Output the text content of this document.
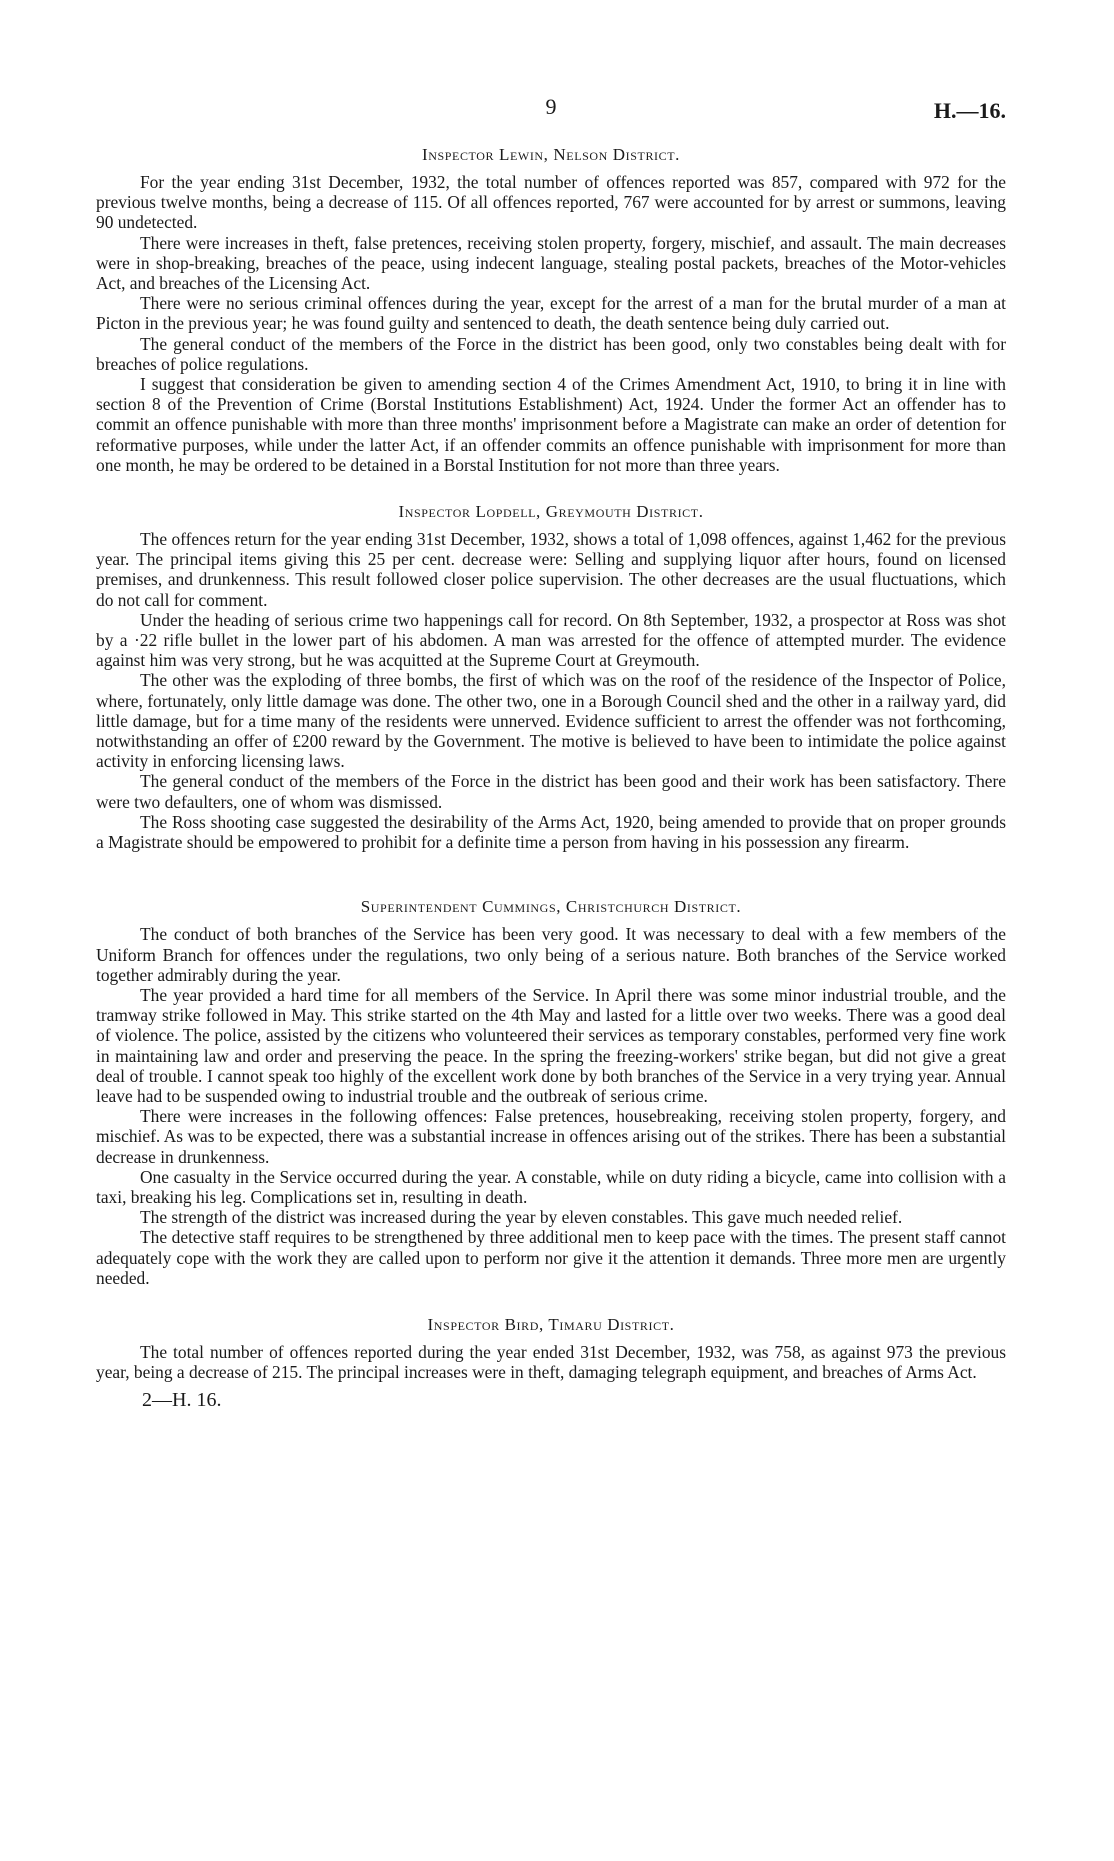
9	H.—16.
Inspector Lewin, Nelson District.

For the year ending 31st December, 1932, the total number of offences reported was 857, compared with 972 for the previous twelve months, being a decrease of 115. Of all offences reported, 767 were accounted for by arrest or summons, leaving 90 undetected.

There were increases in theft, false pretences, receiving stolen property, forgery, mischief, and assault. The main decreases were in shop-breaking, breaches of the peace, using indecent language, stealing postal packets, breaches of the Motor-vehicles Act, and breaches of the Licensing Act.

There were no serious criminal offences during the year, except for the arrest of a man for the brutal murder of a man at Picton in the previous year; he was found guilty and sentenced to death, the death sentence being duly carried out.

The general conduct of the members of the Force in the district has been good, only two constables being dealt with for breaches of police regulations.

I suggest that consideration be given to amending section 4 of the Crimes Amendment Act, 1910, to bring it in line with section 8 of the Prevention of Crime (Borstal Institutions Establishment) Act, 1924. Under the former Act an offender has to commit an offence punishable with more than three months' imprisonment before a Magistrate can make an order of detention for reformative purposes, while under the latter Act, if an offender commits an offence punishable with imprisonment for more than one month, he may be ordered to be detained in a Borstal Institution for not more than three years.

Inspector Lopdell, Greymouth District.

The offences return for the year ending 31st December, 1932, shows a total of 1,098 offences, against 1,462 for the previous year. The principal items giving this 25 per cent. decrease were: Selling and supplying liquor after hours, found on licensed premises, and drunkenness. This result followed closer police supervision. The other decreases are the usual fluctuations, which do not call for comment.

Under the heading of serious crime two happenings call for record. On 8th September, 1932, a prospector at Ross was shot by a ·22 rifle bullet in the lower part of his abdomen. A man was arrested for the offence of attempted murder. The evidence against him was very strong, but he was acquitted at the Supreme Court at Greymouth.

The other was the exploding of three bombs, the first of which was on the roof of the residence of the Inspector of Police, where, fortunately, only little damage was done. The other two, one in a Borough Council shed and the other in a railway yard, did little damage, but for a time many of the residents were unnerved. Evidence sufficient to arrest the offender was not forthcoming, notwithstanding an offer of £200 reward by the Government. The motive is believed to have been to intimidate the police against activity in enforcing licensing laws.

The general conduct of the members of the Force in the district has been good and their work has been satisfactory. There were two defaulters, one of whom was dismissed.

The Ross shooting case suggested the desirability of the Arms Act, 1920, being amended to provide that on proper grounds a Magistrate should be empowered to prohibit for a definite time a person from having in his possession any firearm.

Superintendent Cummings, Christchurch District.

The conduct of both branches of the Service has been very good. It was necessary to deal with a few members of the Uniform Branch for offences under the regulations, two only being of a serious nature. Both branches of the Service worked together admirably during the year.

The year provided a hard time for all members of the Service. In April there was some minor industrial trouble, and the tramway strike followed in May. This strike started on the 4th May and lasted for a little over two weeks. There was a good deal of violence. The police, assisted by the citizens who volunteered their services as temporary constables, performed very fine work in maintaining law and order and preserving the peace. In the spring the freezing-workers' strike began, but did not give a great deal of trouble. I cannot speak too highly of the excellent work done by both branches of the Service in a very trying year. Annual leave had to be suspended owing to industrial trouble and the outbreak of serious crime.

There were increases in the following offences: False pretences, housebreaking, receiving stolen property, forgery, and mischief. As was to be expected, there was a substantial increase in offences arising out of the strikes. There has been a substantial decrease in drunkenness.

One casualty in the Service occurred during the year. A constable, while on duty riding a bicycle, came into collision with a taxi, breaking his leg. Complications set in, resulting in death.

The strength of the district was increased during the year by eleven constables. This gave much needed relief.

The detective staff requires to be strengthened by three additional men to keep pace with the times. The present staff cannot adequately cope with the work they are called upon to perform nor give it the attention it demands. Three more men are urgently needed.

Inspector Bird, Timaru District.

The total number of offences reported during the year ended 31st December, 1932, was 758, as against 973 the previous year, being a decrease of 215. The principal increases were in theft, damaging telegraph equipment, and breaches of Arms Act.

2—H. 16.
